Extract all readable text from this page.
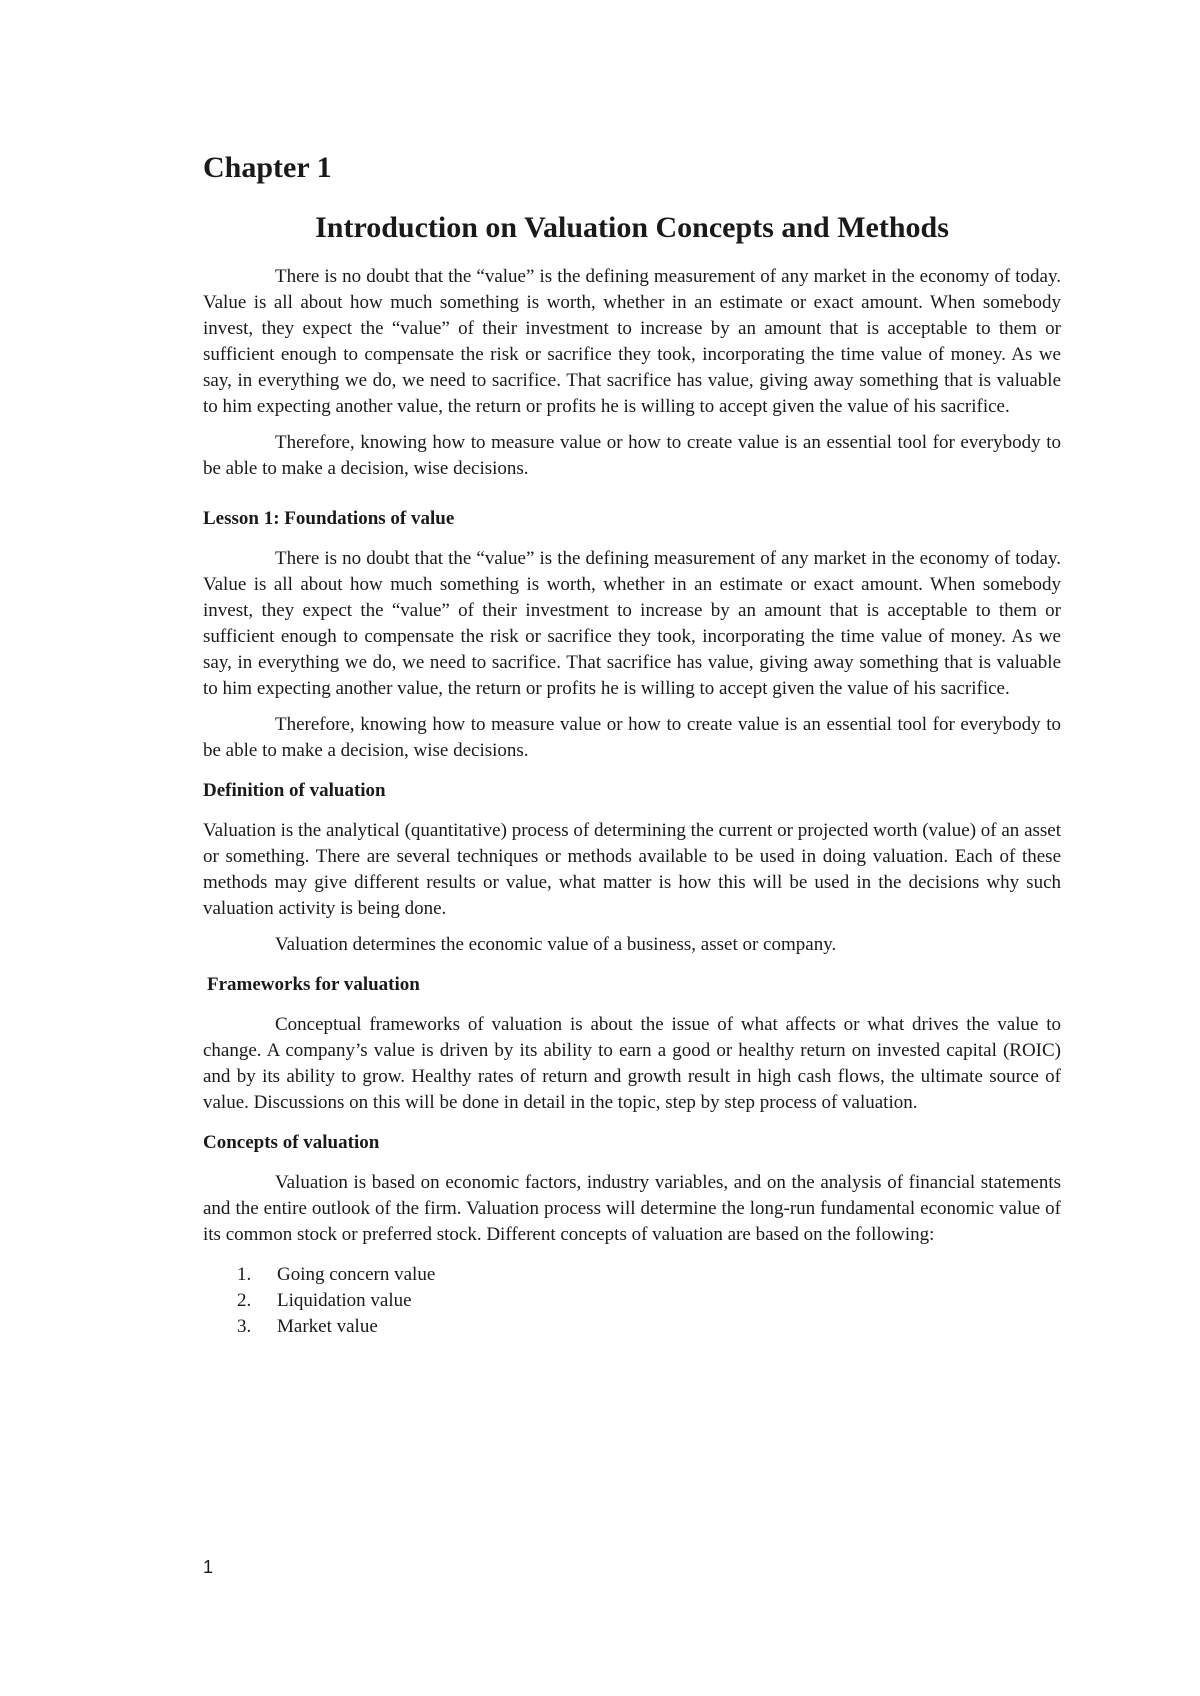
Chapter 1
Introduction on Valuation Concepts and Methods

There is no doubt that the “value” is the defining measurement of any market in the economy of today. Value is all about how much something is worth, whether in an estimate or exact amount. When somebody invest, they expect the “value” of their investment to increase by an amount that is acceptable to them or sufficient enough to compensate the risk or sacrifice they took, incorporating the time value of money. As we say, in everything we do, we need to sacrifice. That sacrifice has value, giving away something that is valuable to him expecting another value, the return or profits he is willing to accept given the value of his sacrifice.

Therefore, knowing how to measure value or how to create value is an essential tool for everybody to be able to make a decision, wise decisions.

Lesson 1: Foundations of value

There is no doubt that the “value” is the defining measurement of any market in the economy of today. Value is all about how much something is worth, whether in an estimate or exact amount. When somebody invest, they expect the “value” of their investment to increase by an amount that is acceptable to them or sufficient enough to compensate the risk or sacrifice they took, incorporating the time value of money. As we say, in everything we do, we need to sacrifice. That sacrifice has value, giving away something that is valuable to him expecting another value, the return or profits he is willing to accept given the value of his sacrifice.

Therefore, knowing how to measure value or how to create value is an essential tool for everybody to be able to make a decision, wise decisions.

Definition of valuation

Valuation is the analytical (quantitative) process of determining the current or projected worth (value) of an asset or something. There are several techniques or methods available to be used in doing valuation. Each of these methods may give different results or value, what matter is how this will be used in the decisions why such valuation activity is being done.

Valuation determines the economic value of a business, asset or company.

Frameworks for valuation

Conceptual frameworks of valuation is about the issue of what affects or what drives the value to change. A company’s value is driven by its ability to earn a good or healthy return on invested capital (ROIC) and by its ability to grow. Healthy rates of return and growth result in high cash flows, the ultimate source of value. Discussions on this will be done in detail in the topic, step by step process of valuation.

Concepts of valuation

Valuation is based on economic factors, industry variables, and on the analysis of financial statements and the entire outlook of the firm. Valuation process will determine the long-run fundamental economic value of its common stock or preferred stock. Different concepts of valuation are based on the following:

1.	Going concern value
2.	Liquidation value
3.	Market value
1
